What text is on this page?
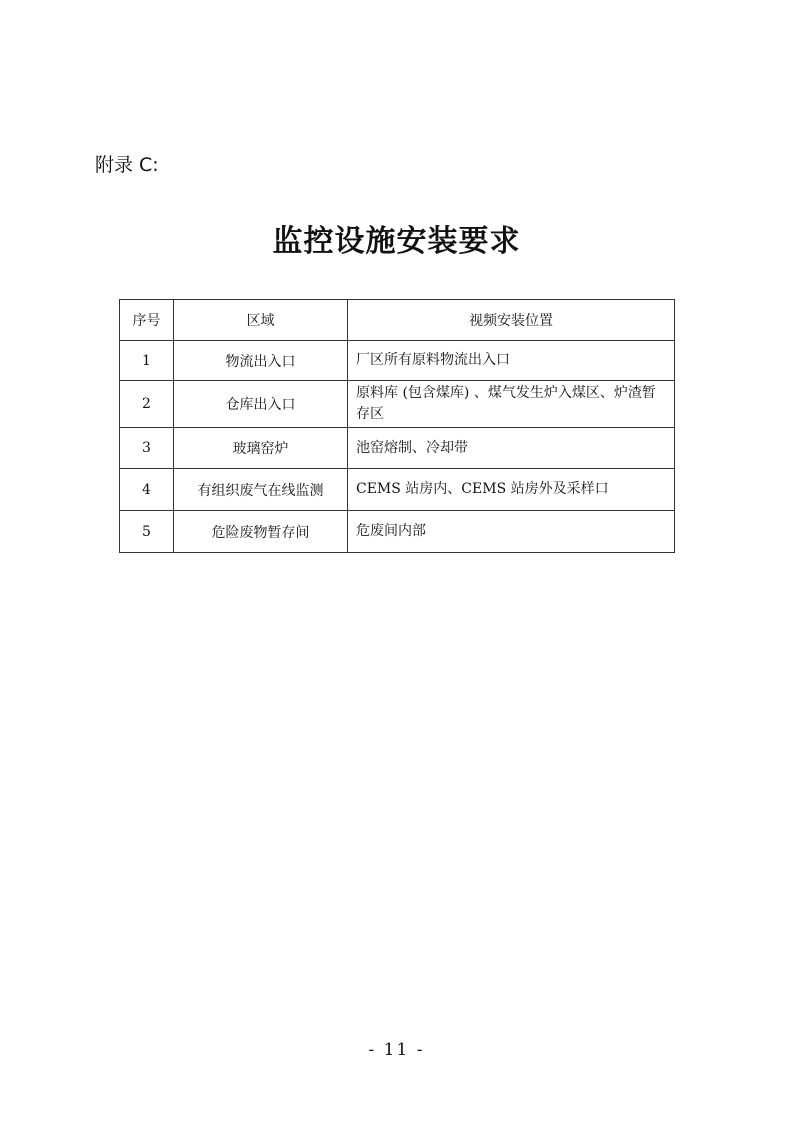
附录 C:
监控设施安装要求
序号	区域	视频安装位置
1	物流出入口	厂区所有原料物流出入口
2	仓库出入口	原料库 (包含煤库) 、煤气发生炉入煤区、炉渣暂存区
3	玻璃窑炉	池窑熔制、冷却带
4	有组织废气在线监测	CEMS 站房内、CEMS 站房外及采样口
5	危险废物暂存间	危废间内部
- 11 -
